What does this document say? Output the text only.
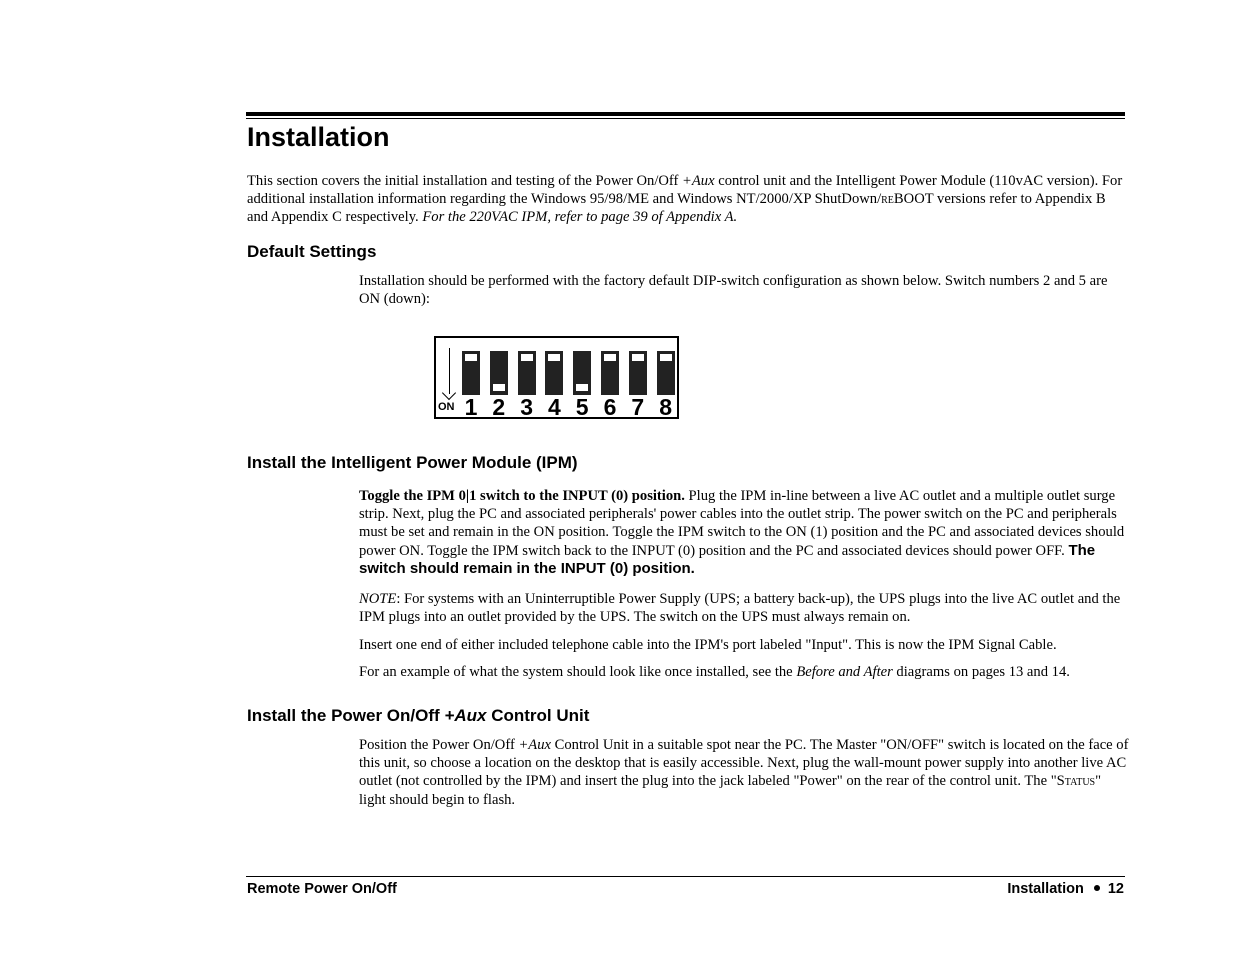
Installation

This section covers the initial installation and testing of the Power On/Off +Aux control unit and the Intelligent Power Module (110vAC version). For additional installation information regarding the Windows 95/98/ME and Windows NT/2000/XP ShutDown/reBOOT versions refer to Appendix B and Appendix C respectively. For the 220VAC IPM, refer to page 39 of Appendix A.

Default Settings

Installation should be performed with the factory default DIP-switch configuration as shown below. Switch numbers 2 and 5 are ON (down):

ON 1 2 3 4 5 6 7 8
Install the Intelligent Power Module (IPM)

Toggle the IPM 0|1 switch to the INPUT (0) position. Plug the IPM in-line between a live AC outlet and a multiple outlet surge strip. Next, plug the PC and associated peripherals' power cables into the outlet strip. The power switch on the PC and peripherals must be set and remain in the ON position. Toggle the IPM switch to the ON (1) position and the PC and associated devices should power ON. Toggle the IPM switch back to the INPUT (0) position and the PC and associated devices should power OFF. The switch should remain in the INPUT (0) position.

NOTE: For systems with an Uninterruptible Power Supply (UPS; a battery back-up), the UPS plugs into the live AC outlet and the IPM plugs into an outlet provided by the UPS. The switch on the UPS must always remain on.

Insert one end of either included telephone cable into the IPM's port labeled "Input". This is now the IPM Signal Cable.

For an example of what the system should look like once installed, see the Before and After diagrams on pages 13 and 14.

Install the Power On/Off +Aux Control Unit

Position the Power On/Off +Aux Control Unit in a suitable spot near the PC. The Master "ON/OFF" switch is located on the face of this unit, so choose a location on the desktop that is easily accessible. Next, plug the wall-mount power supply into another live AC outlet (not controlled by the IPM) and insert the plug into the jack labeled "Power" on the rear of the control unit. The "Status" light should begin to flash.

Remote Power On/Off	Installation 12
